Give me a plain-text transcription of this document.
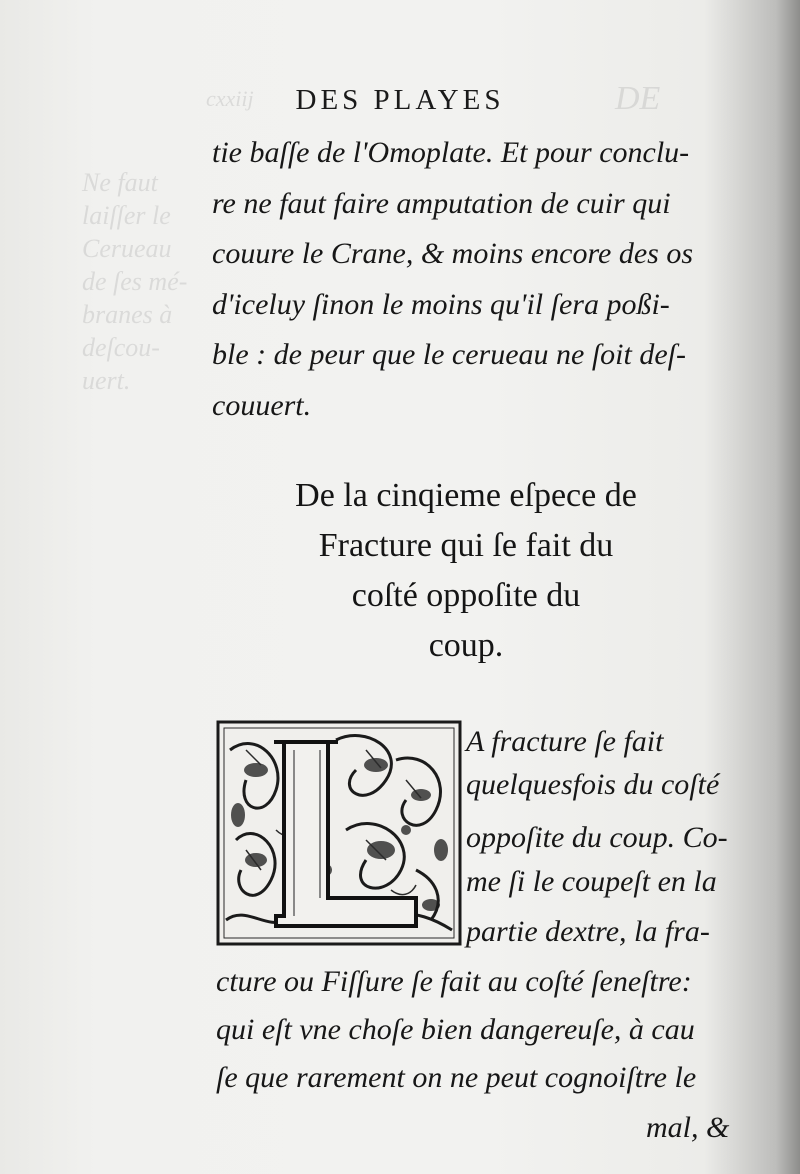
DE
cxxiij
Ne faut
laiſſer le
Cerueau
de ſes mé-
branes à
deſcou-
uert.
DES PLAYES
tie baſſe de l'Omoplate. Et pour conclu-
re ne faut faire amputation de cuir qui
couure le Crane, & moins encore des os
d'iceluy ſinon le moins qu'il ſera poßi-
ble : de peur que le cerueau ne ſoit deſ-
couuert.
De la cinqieme eſpece de
Fracture qui ſe fait du
coſté oppoſite du
coup.
A fracture ſe fait
quelquesfois du coſté
oppoſite du coup. Co-
me ſi le coupeſt en la
partie dextre, la fra-
cture ou Fiſſure ſe fait au coſté ſeneſtre:
qui eſt vne choſe bien dangereuſe, à cau
ſe que rarement on ne peut cognoiſtre le
mal, &
